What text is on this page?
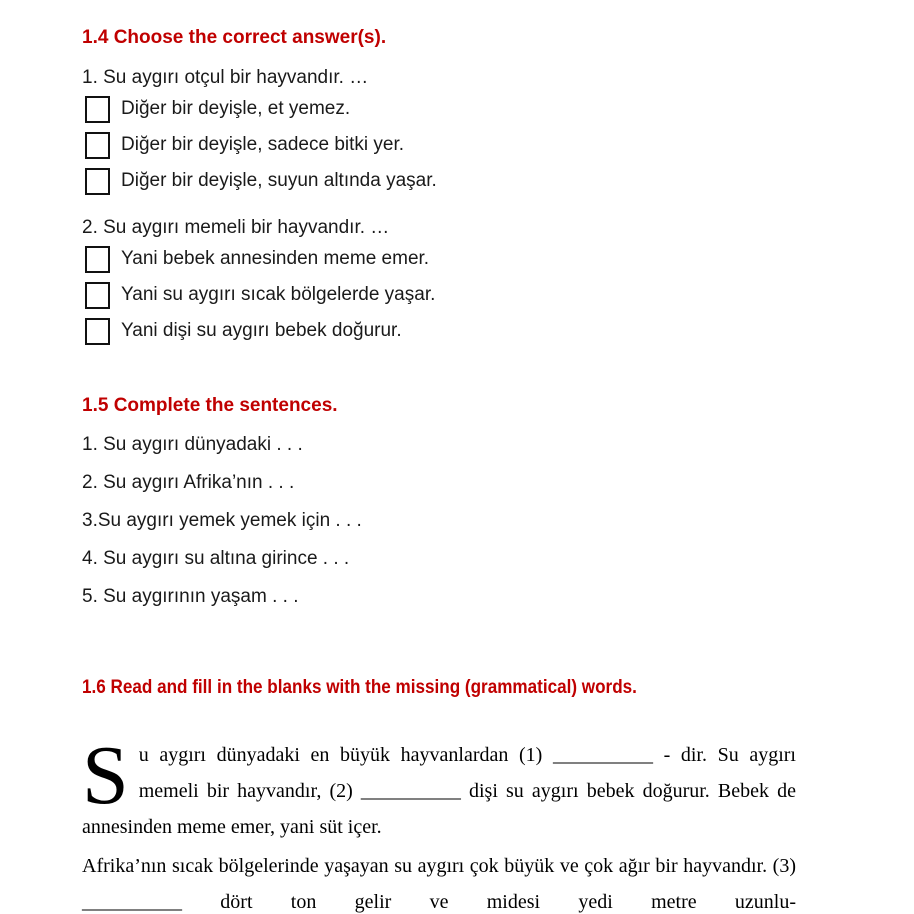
1.4 Choose the correct answer(s).

1. Su aygırı otçul bir hayvandır. …

Diğer bir deyişle, et yemez.
Diğer bir deyişle, sadece bitki yer.
Diğer bir deyişle, suyun altında yaşar.

2. Su aygırı memeli bir hayvandır. …

Yani bebek annesinden meme emer.
Yani su aygırı sıcak bölgelerde yaşar.
Yani dişi su aygırı bebek doğurur.
1.5 Complete the sentences.

1. Su aygırı dünyadaki . . .

2. Su aygırı Afrika’nın . . .

3.Su aygırı yemek yemek için . . .

4. Su aygırı su altına girince . . .

5. Su aygırının yaşam . . .

1.6 Read and fill in the blanks with the missing (grammatical) words.

Su aygırı dünyadaki en büyük hayvanlardan (1) __________ - dir. Su aygırı memeli bir hayvandır, (2) __________ dişi su aygırı bebek doğurur. Bebek de annesinden meme emer, yani süt içer.

Afrika’nın sıcak bölgelerinde yaşayan su aygırı çok büyük ve çok ağır bir hayvandır. (3) __________ dört ton gelir ve midesi yedi metre uzunlu-
